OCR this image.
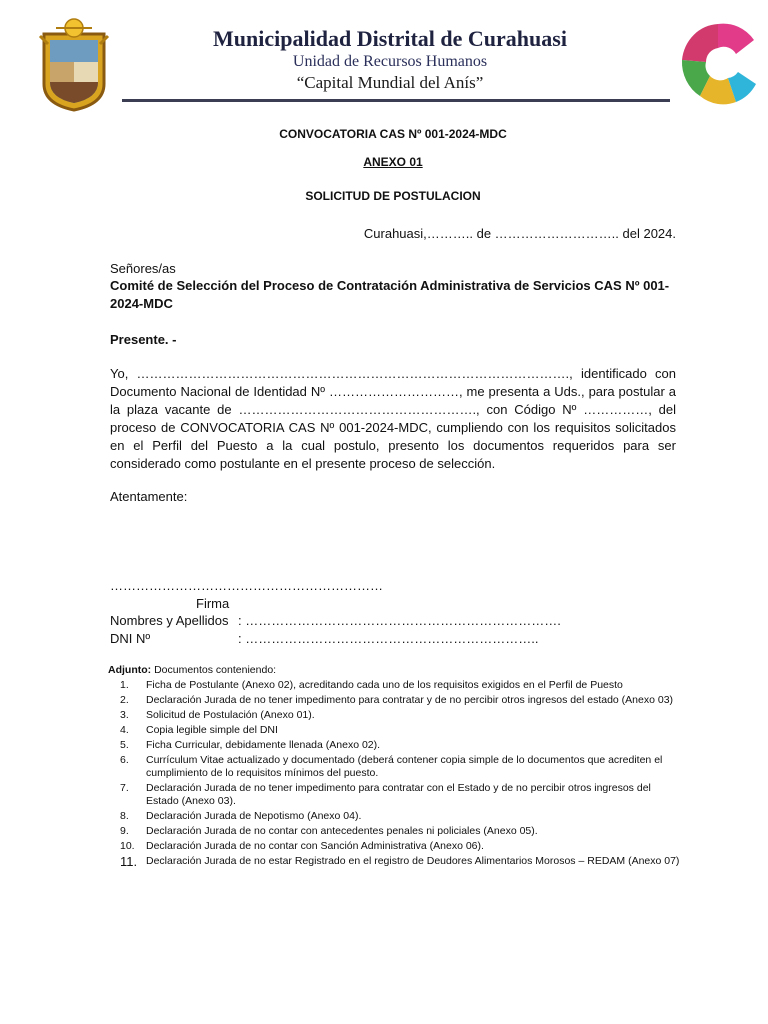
Municipalidad Distrital de Curahuasi
Unidad de Recursos Humanos
“Capital Mundial del Anís”
CONVOCATORIA CAS Nº 001-2024-MDC
ANEXO 01
SOLICITUD DE POSTULACION
Curahuasi,……….. de ……………………….. del 2024.
Señores/as
Comité de Selección del Proceso de Contratación Administrativa de Servicios CAS Nº 001-2024-MDC
Presente. -
Yo, ………………………………………………………………………………………., identificado con Documento Nacional de Identidad Nº …………………………, me presenta a Uds., para postular a la plaza vacante de ………………………………………………., con Código Nº ……………, del proceso de CONVOCATORIA CAS Nº 001-2024-MDC, cumpliendo con los requisitos solicitados en el Perfil del Puesto a la cual postulo, presento los documentos requeridos para ser considerado como postulante en el presente proceso de selección.
Atentamente:
………………………………………………………
Firma
Nombres y Apellidos : ……………………………………………………………….
DNI Nº	: …………………………………………………………..
Adjunto: Documentos conteniendo:
1.	Ficha de Postulante (Anexo 02), acreditando cada uno de los requisitos exigidos en el Perfil de Puesto
2.	Declaración Jurada de no tener impedimento para contratar y de no percibir otros ingresos del estado (Anexo 03)
3.	Solicitud de Postulación (Anexo 01).
4.	Copia legible simple del DNI
5.	Ficha Curricular, debidamente llenada (Anexo 02).
6.	Currículum Vitae actualizado y documentado (deberá contener copia simple de lo documentos que acrediten el cumplimiento de lo requisitos mínimos del puesto.
7.	Declaración Jurada de no tener impedimento para contratar con el Estado y de no percibir otros ingresos del Estado (Anexo 03).
8.	Declaración Jurada de Nepotismo (Anexo 04).
9.	Declaración Jurada de no contar con antecedentes penales ni policiales (Anexo 05).
10.	Declaración Jurada de no contar con Sanción Administrativa (Anexo 06).
11. Declaración Jurada de no estar Registrado en el registro de Deudores Alimentarios Morosos – REDAM (Anexo 07)
